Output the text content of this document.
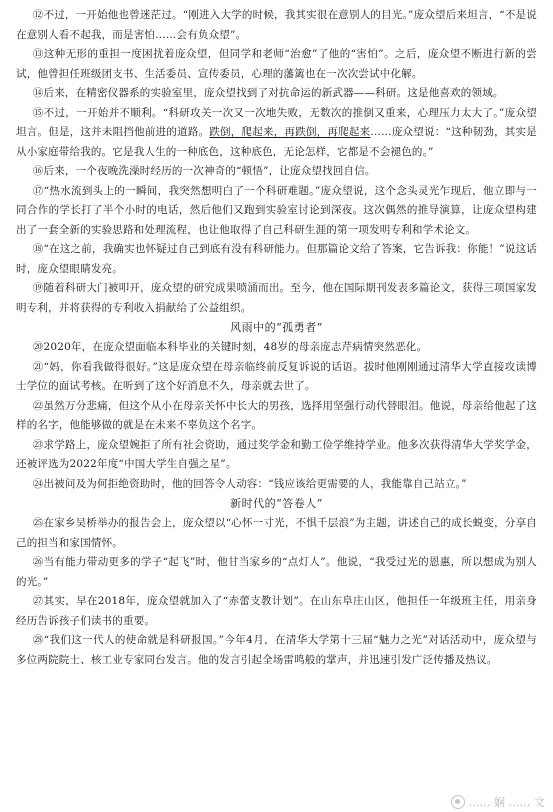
⑫不过，一开始他也曾迷茫过。“刚进入大学的时候，我其实很在意别人的目光。”庞众望后来坦言，“不是说在意别人看不起我，而是害怕……会有负众望”。

⑬这种无形的重担一度困扰着庞众望，但同学和老师“治愈”了他的“害怕”。之后，庞众望不断进行新的尝试，他曾担任班级团支书、生活委员、宣传委员，心理的藩篱也在一次次尝试中化解。

⑭后来，在精密仪器系的实验室里，庞众望找到了对抗命运的新武器——科研。这是他喜欢的领域。

⑮不过，一开始并不顺利。“科研攻关一次又一次地失败，无数次的推倒又重来，心理压力太大了。”庞众望坦言。但是，这并未阻挡他前进的道路。跌倒，爬起来，再跌倒，再爬起来……庞众望说：“这种韧劲，其实是从小家庭带给我的。它是我人生的一种底色，这种底色，无论怎样，它都是不会褪色的。”

⑯后来，一个夜晚洗澡时经历的一次神奇的“顿悟”，让庞众望找回自信。

⑰“热水流到头上的一瞬间，我突然想明白了一个科研难题。”庞众望说，这个念头灵光乍现后，他立即与一同合作的学长打了半个小时的电话，然后他们又跑到实验室讨论到深夜。这次偶然的推导演算，让庞众望构建出了一套全新的实验思路和处理流程，也让他取得了自己科研生涯的第一项发明专利和学术论文。

⑱“在这之前，我确实也怀疑过自己到底有没有科研能力。但那篇论文给了答案，它告诉我：你能！”说这话时，庞众望眼睛发亮。

⑲随着科研大门被叩开，庞众望的研究成果喷涌而出。至今，他在国际期刊发表多篇论文，获得三项国家发明专利，并将获得的专利收入捐献给了公益组织。

风雨中的“孤勇者”

⑳2020年，在庞众望面临本科毕业的关键时刻，48岁的母亲庞志芹病情突然恶化。

㉑“妈，你看我做得很好。”这是庞众望在母亲临终前反复诉说的话语。拔时他刚刚通过清华大学直接攻读博士学位的面试考核。在听到了这个好消息不久，母亲就去世了。

㉒虽然万分悲痛，但这个从小在母亲关怀中长大的男孩，选择用坚强行动代替眼泪。他说，母亲给他起了这样的名字，他能够做的就是在未来不辜负这个名字。

㉓求学路上，庞众望婉拒了所有社会资助，通过奖学金和勤工俭学维持学业。他多次获得清华大学奖学金，还被评选为2022年度“中国大学生自强之星”。

㉔出被问及为何拒绝资助时，他的回答令人动容：“钱应该给更需要的人，我能靠自己站立。”

新时代的“答卷人”

㉕在家乡吴桥举办的报告会上，庞众望以“心怀一寸光，不惧千层浪”为主题，讲述自己的成长蜕变，分享自己的担当和家国情怀。

㉖当有能力带动更多的学子“起飞”时，他甘当家乡的“点灯人”。他说，“我受过光的恩惠，所以想成为别人的光。”

㉗其实，早在2018年，庞众望就加入了“赤蕾支教计划”。在山东阜庄山区，他担任一年级班主任，用亲身经历告诉孩子们读书的重要。

㉘“我们这一代人的使命就是科研报国。”今年4月，在清华大学第十三届“魅力之光”对话活动中，庞众望与多位两院院士、核工业专家同台发言。他的发言引起全场雷鸣般的掌声，并迅速引发广泛传播及热议。

…… 娴 …… 文
